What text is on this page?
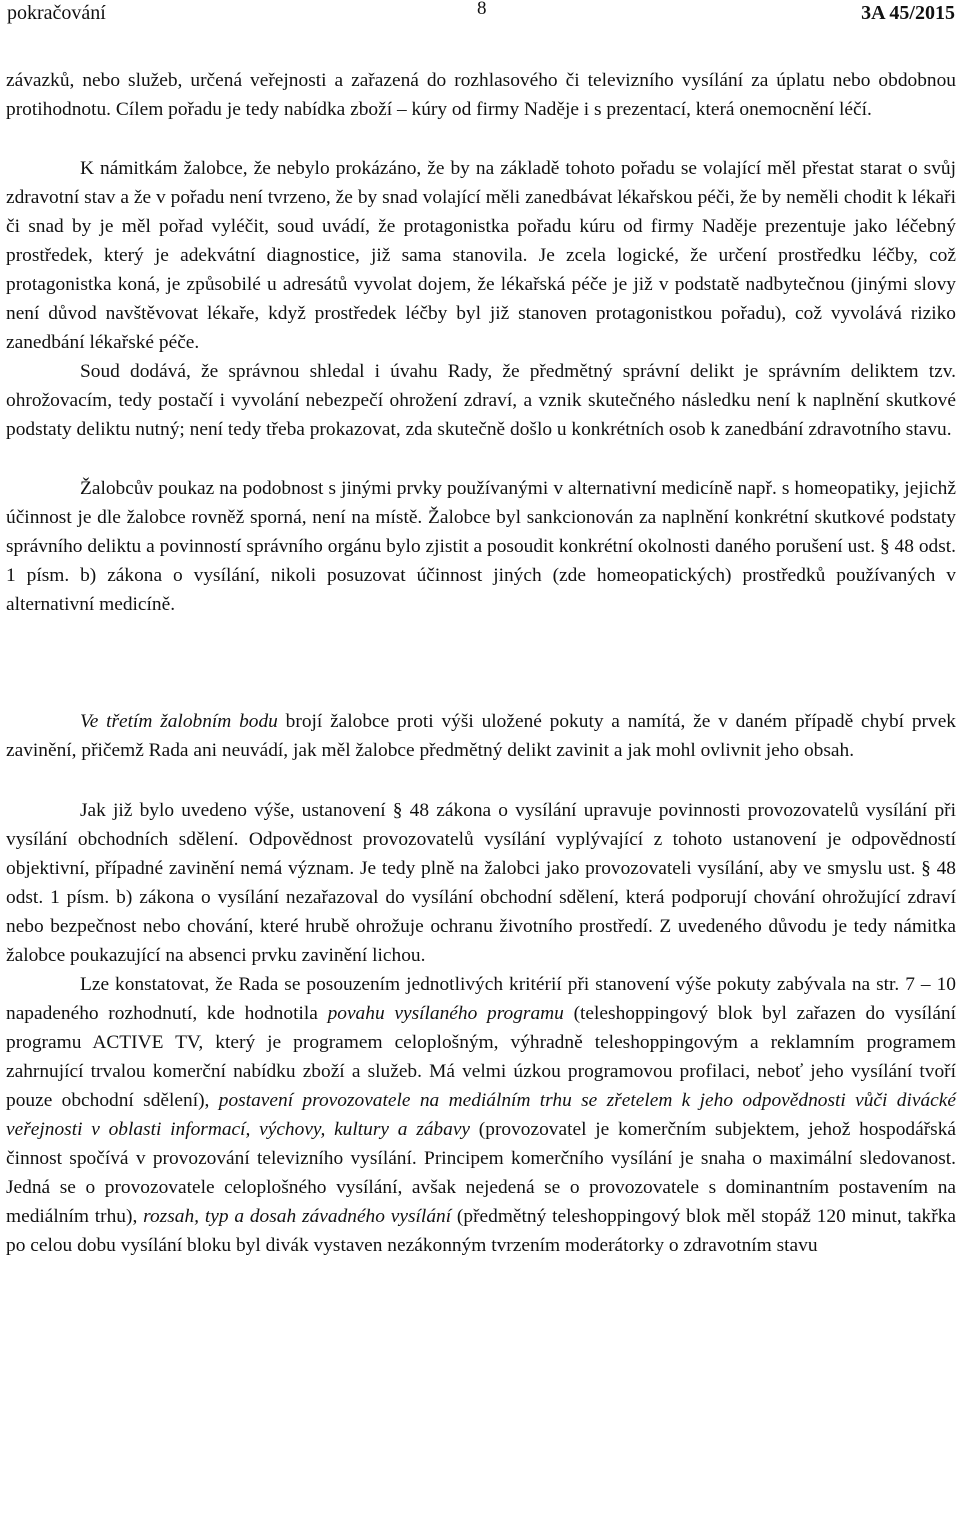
pokračování	8	3A 45/2015

závazků, nebo služeb, určená veřejnosti a zařazená do rozhlasového či televizního vysílání za úplatu nebo obdobnou protihodnotu. Cílem pořadu je tedy nabídka zboží – kúry od firmy Naděje i s prezentací, která onemocnění léčí.

K námitkám žalobce, že nebylo prokázáno, že by na základě tohoto pořadu se volající měl přestat starat o svůj zdravotní stav a že v pořadu není tvrzeno, že by snad volající měli zanedbávat lékařskou péči, že by neměli chodit k lékaři či snad by je měl pořad vyléčit, soud uvádí, že protagonistka pořadu kúru od firmy Naděje prezentuje jako léčebný prostředek, který je adekvátní diagnostice, již sama stanovila. Je zcela logické, že určení prostředku léčby, což protagonistka koná, je způsobilé u adresátů vyvolat dojem, že lékařská péče je již v podstatě nadbytečnou (jinými slovy není důvod navštěvovat lékaře, když prostředek léčby byl již stanoven protagonistkou pořadu), což vyvolává riziko zanedbání lékařské péče.

Soud dodává, že správnou shledal i úvahu Rady, že předmětný správní delikt je správním deliktem tzv. ohrožovacím, tedy postačí i vyvolání nebezpečí ohrožení zdraví, a vznik skutečného následku není k naplnění skutkové podstaty deliktu nutný; není tedy třeba prokazovat, zda skutečně došlo u konkrétních osob k zanedbání zdravotního stavu.

Žalobcův poukaz na podobnost s jinými prvky používanými v alternativní medicíně např. s homeopatiky, jejichž účinnost je dle žalobce rovněž sporná, není na místě. Žalobce byl sankcionován za naplnění konkrétní skutkové podstaty správního deliktu a povinností správního orgánu bylo zjistit a posoudit konkrétní okolnosti daného porušení ust. § 48 odst. 1 písm. b) zákona o vysílání, nikoli posuzovat účinnost jiných (zde homeopatických) prostředků používaných v alternativní medicíně.

Ve třetím žalobním bodu brojí žalobce proti výši uložené pokuty a namítá, že v daném případě chybí prvek zavinění, přičemž Rada ani neuvádí, jak měl žalobce předmětný delikt zavinit a jak mohl ovlivnit jeho obsah.

Jak již bylo uvedeno výše, ustanovení § 48 zákona o vysílání upravuje povinnosti provozovatelů vysílání při vysílání obchodních sdělení. Odpovědnost provozovatelů vysílání vyplývající z tohoto ustanovení je odpovědností objektivní, případné zavinění nemá význam. Je tedy plně na žalobci jako provozovateli vysílání, aby ve smyslu ust. § 48 odst. 1 písm. b) zákona o vysílání nezařazoval do vysílání obchodní sdělení, která podporují chování ohrožující zdraví nebo bezpečnost nebo chování, které hrubě ohrožuje ochranu životního prostředí. Z uvedeného důvodu je tedy námitka žalobce poukazující na absenci prvku zavinění lichou.

Lze konstatovat, že Rada se posouzením jednotlivých kritérií při stanovení výše pokuty zabývala na str. 7 – 10 napadeného rozhodnutí, kde hodnotila povahu vysílaného programu (teleshoppingový blok byl zařazen do vysílání programu ACTIVE TV, který je programem celoplošným, výhradně teleshoppingovým a reklamním programem zahrnující trvalou komerční nabídku zboží a služeb. Má velmi úzkou programovou profilaci, neboť jeho vysílání tvoří pouze obchodní sdělení), postavení provozovatele na mediálním trhu se zřetelem k jeho odpovědnosti vůči divácké veřejnosti v oblasti informací, výchovy, kultury a zábavy (provozovatel je komerčním subjektem, jehož hospodářská činnost spočívá v provozování televizního vysílání. Principem komerčního vysílání je snaha o maximální sledovanost. Jedná se o provozovatele celoplošného vysílání, avšak nejedená se o provozovatele s dominantním postavením na mediálním trhu), rozsah, typ a dosah závadného vysílání (předmětný teleshoppingový blok měl stopáž 120 minut, takřka po celou dobu vysílání bloku byl divák vystaven nezákonným tvrzením moderátorky o zdravotním stavu
